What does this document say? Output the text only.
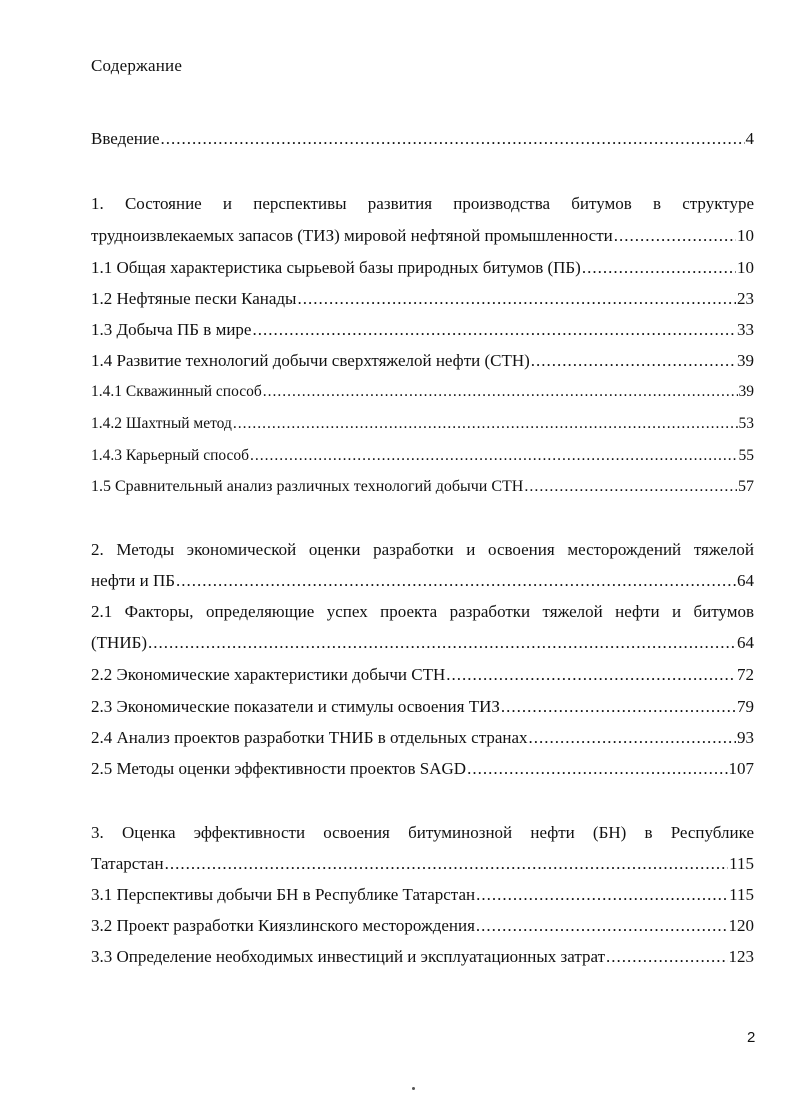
Содержание
Введение .....	4
1. Состояние и перспективы развития производства битумов в структуре
трудноизвлекаемых запасов (ТИЗ) мировой нефтяной промышленности .....	10
1.1 Общая характеристика сырьевой базы природных битумов (ПБ) .....	10
1.2 Нефтяные пески Канады .....	23
1.3 Добыча ПБ в мире .....	33
1.4 Развитие технологий добычи сверхтяжелой нефти (СТН) .....	39
1.4.1 Скважинный способ .....	39
1.4.2 Шахтный метод .....	53
1.4.3 Карьерный способ .....	55
1.5 Сравнительный анализ различных технологий добычи СТН .....	57
2. Методы экономической оценки разработки и освоения месторождений тяжелой
нефти и ПБ .....	64
2.1 Факторы, определяющие успех проекта разработки тяжелой нефти и битумов
(ТНИБ) .....	64
2.2 Экономические характеристики добычи СТН .....	72
2.3 Экономические показатели и стимулы освоения ТИЗ .....	79
2.4 Анализ проектов разработки ТНИБ в отдельных странах .....	93
2.5 Методы оценки эффективности проектов SAGD .....	107
3. Оценка эффективности освоения битуминозной нефти (БН) в Республике
Татарстан .....	115
3.1 Перспективы добычи БН в Республике Татарстан .....	115
3.2 Проект разработки Киязлинского месторождения .....	120
3.3 Определение необходимых инвестиций и эксплуатационных затрат .....	123
2
